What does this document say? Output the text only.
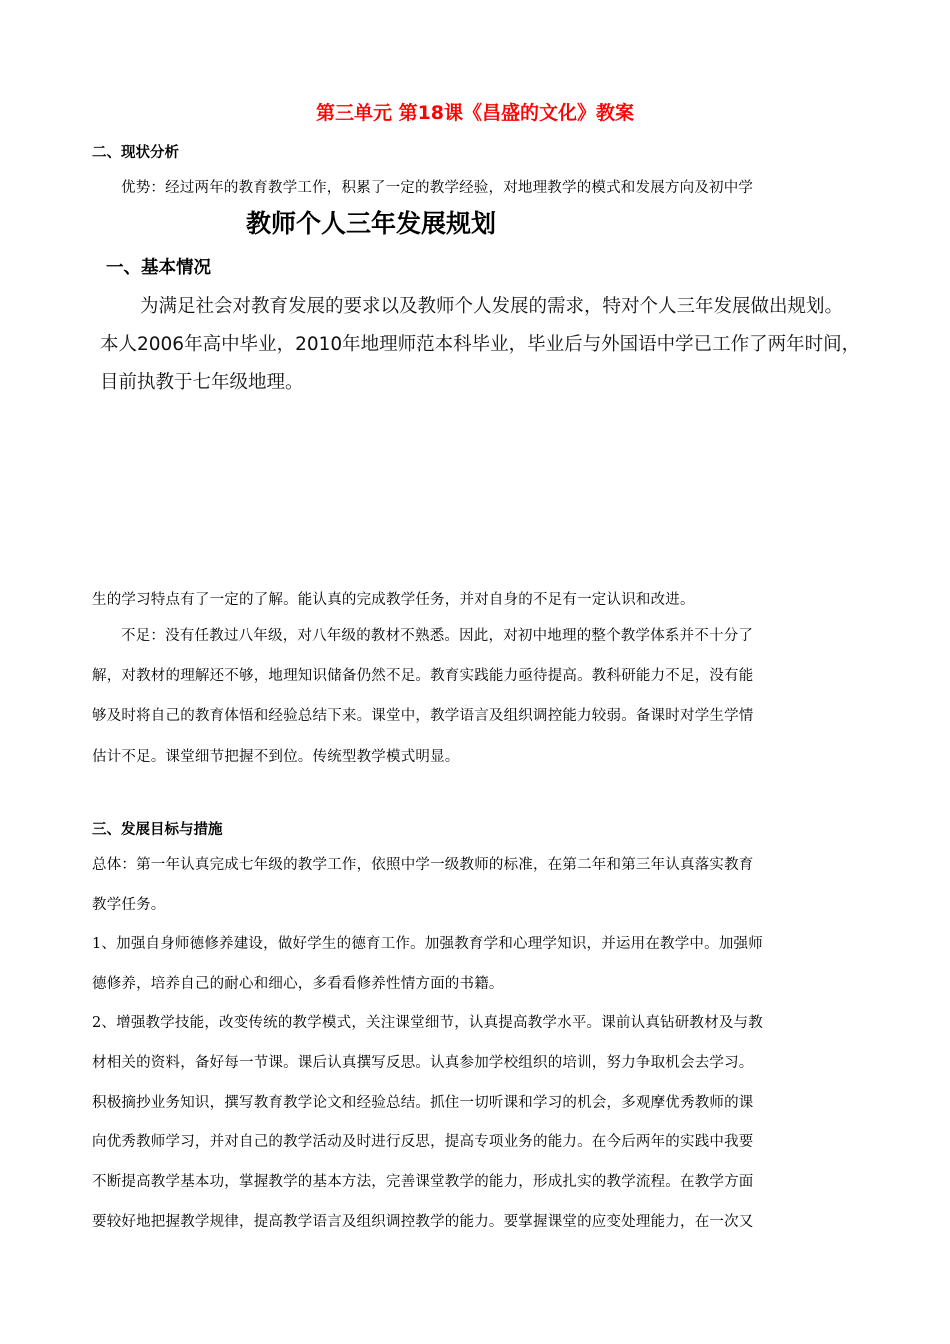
第三单元 第18课《昌盛的文化》教案
二、现状分析
优势：经过两年的教育教学工作，积累了一定的教学经验，对地理教学的模式和发展方向及初中学
教师个人三年发展规划
一、基本情况
为满足社会对教育发展的要求以及教师个人发展的需求，特对个人三年发展做出规划。
本人2006年高中毕业，2010年地理师范本科毕业，毕业后与外国语中学已工作了两年时间，
目前执教于七年级地理。
生的学习特点有了一定的了解。能认真的完成教学任务，并对自身的不足有一定认识和改进。
不足：没有任教过八年级，对八年级的教材不熟悉。因此，对初中地理的整个教学体系并不十分了
解，对教材的理解还不够，地理知识储备仍然不足。教育实践能力亟待提高。教科研能力不足，没有能
够及时将自己的教育体悟和经验总结下来。课堂中，教学语言及组织调控能力较弱。备课时对学生学情
估计不足。课堂细节把握不到位。传统型教学模式明显。
三、发展目标与措施
总体：第一年认真完成七年级的教学工作，依照中学一级教师的标准，在第二年和第三年认真落实教育
教学任务。
1、加强自身师德修养建设，做好学生的德育工作。加强教育学和心理学知识，并运用在教学中。加强师
德修养，培养自己的耐心和细心，多看看修养性情方面的书籍。
2、增强教学技能，改变传统的教学模式，关注课堂细节，认真提高教学水平。课前认真钻研教材及与教
材相关的资料，备好每一节课。课后认真撰写反思。认真参加学校组织的培训，努力争取机会去学习。
积极摘抄业务知识，撰写教育教学论文和经验总结。抓住一切听课和学习的机会，多观摩优秀教师的课
向优秀教师学习，并对自己的教学活动及时进行反思，提高专项业务的能力。在今后两年的实践中我要
不断提高教学基本功，掌握教学的基本方法，完善课堂教学的能力，形成扎实的教学流程。在教学方面
要较好地把握教学规律，提高教学语言及组织调控教学的能力。要掌握课堂的应变处理能力，在一次又
